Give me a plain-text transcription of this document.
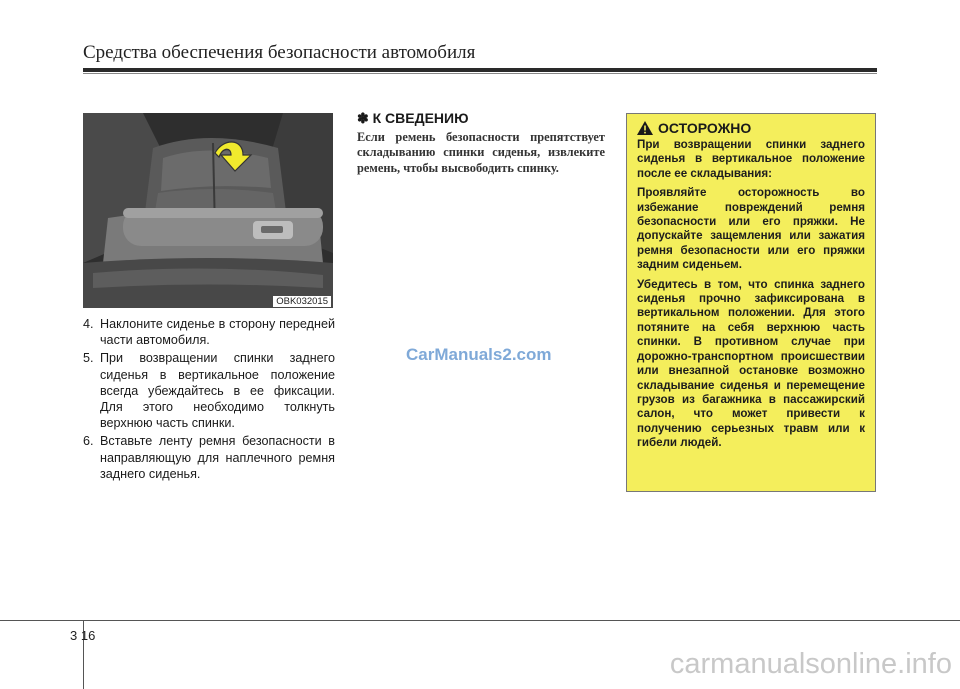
Средства обеспечения безопасности автомобиля
OBK032015
4. Наклоните сиденье в сторону передней части автомобиля.
5. При возвращении спинки заднего сиденья в вертикальное положение всегда убеждайтесь в ее фиксации. Для этого необходимо толкнуть верхнюю часть спинки.
6. Вставьте ленту ремня безопасности в направляющую для наплечного ремня заднего сиденья.
✽ К СВЕДЕНИЮ
Если ремень безопасности препятствует складыванию спинки сиденья, извлеките ремень, чтобы высвободить спинку.
ОСТОРОЖНО

При возвращении спинки заднего сиденья в вертикальное положение после ее складывания:

Проявляйте осторожность во избежание повреждений ремня безопасности или его пряжки. Не допускайте защемления или зажатия ремня безопасности или его пряжки задним сиденьем.

Убедитесь в том, что спинка заднего сиденья прочно зафиксирована в вертикальном положении. Для этого потяните на себя верхнюю часть спинки. В противном случае при дорожно-транспортном происшествии или внезапной остановке возможно складывание сиденья и перемещение грузов из багажника в пассажирский салон, что может привести к получению серьезных травм или к гибели людей.

CarManuals2.com
3 16
carmanualsonline.info
